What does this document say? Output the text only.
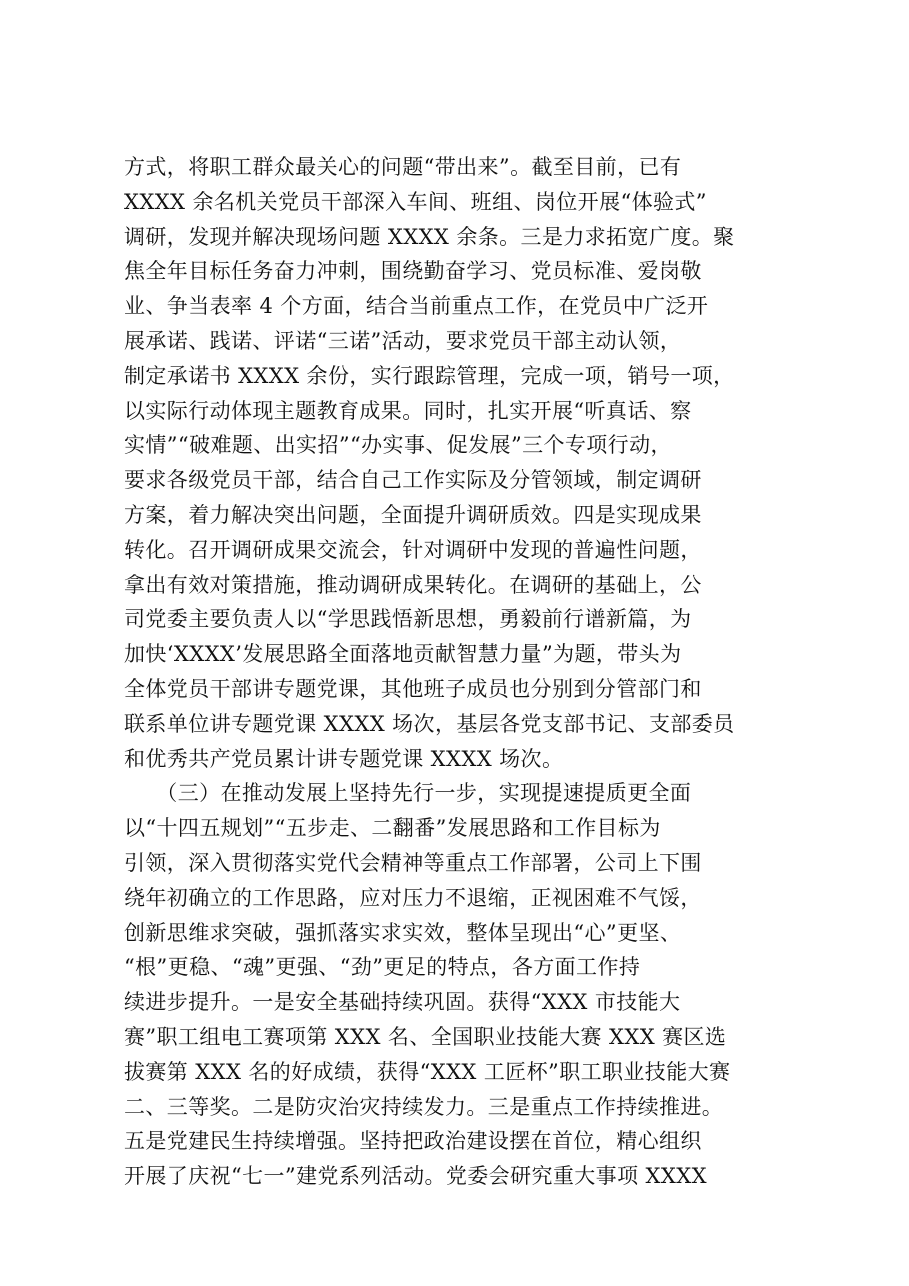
方式，将职工群众最关心的问题“带出来”。截至目前，已有
XXXX 余名机关党员干部深入车间、班组、岗位开展“体验式”
调研，发现并解决现场问题 XXXX 余条。三是力求拓宽广度。聚
焦全年目标任务奋力冲刺，围绕勤奋学习、党员标准、爱岗敬
业、争当表率 4 个方面，结合当前重点工作，在党员中广泛开
展承诺、践诺、评诺“三诺”活动，要求党员干部主动认领，
制定承诺书 XXXX 余份，实行跟踪管理，完成一项，销号一项，
以实际行动体现主题教育成果。同时，扎实开展“听真话、察
实情”“破难题、出实招”“办实事、促发展”三个专项行动，
要求各级党员干部，结合自己工作实际及分管领域，制定调研
方案，着力解决突出问题，全面提升调研质效。四是实现成果
转化。召开调研成果交流会，针对调研中发现的普遍性问题，
拿出有效对策措施，推动调研成果转化。在调研的基础上，公
司党委主要负责人以“学思践悟新思想，勇毅前行谱新篇，为
加快‘XXXX’发展思路全面落地贡献智慧力量”为题，带头为
全体党员干部讲专题党课，其他班子成员也分别到分管部门和
联系单位讲专题党课 XXXX 场次，基层各党支部书记、支部委员
和优秀共产党员累计讲专题党课 XXXX 场次。
　　（三）在推动发展上坚持先行一步，实现提速提质更全面
以“十四五规划”“五步走、二翻番”发展思路和工作目标为
引领，深入贯彻落实党代会精神等重点工作部署，公司上下围
绕年初确立的工作思路，应对压力不退缩，正视困难不气馁，
创新思维求突破，强抓落实求实效，整体呈现出“心”更坚、
“根”更稳、“魂”更强、“劲”更足的特点，各方面工作持
续进步提升。一是安全基础持续巩固。获得“XXX 市技能大
赛”职工组电工赛项第 XXX 名、全国职业技能大赛 XXX 赛区选
拔赛第 XXX 名的好成绩，获得“XXX 工匠杯”职工职业技能大赛
二、三等奖。二是防灾治灾持续发力。三是重点工作持续推进。
五是党建民生持续增强。坚持把政治建设摆在首位，精心组织
开展了庆祝“七一”建党系列活动。党委会研究重大事项 XXXX
